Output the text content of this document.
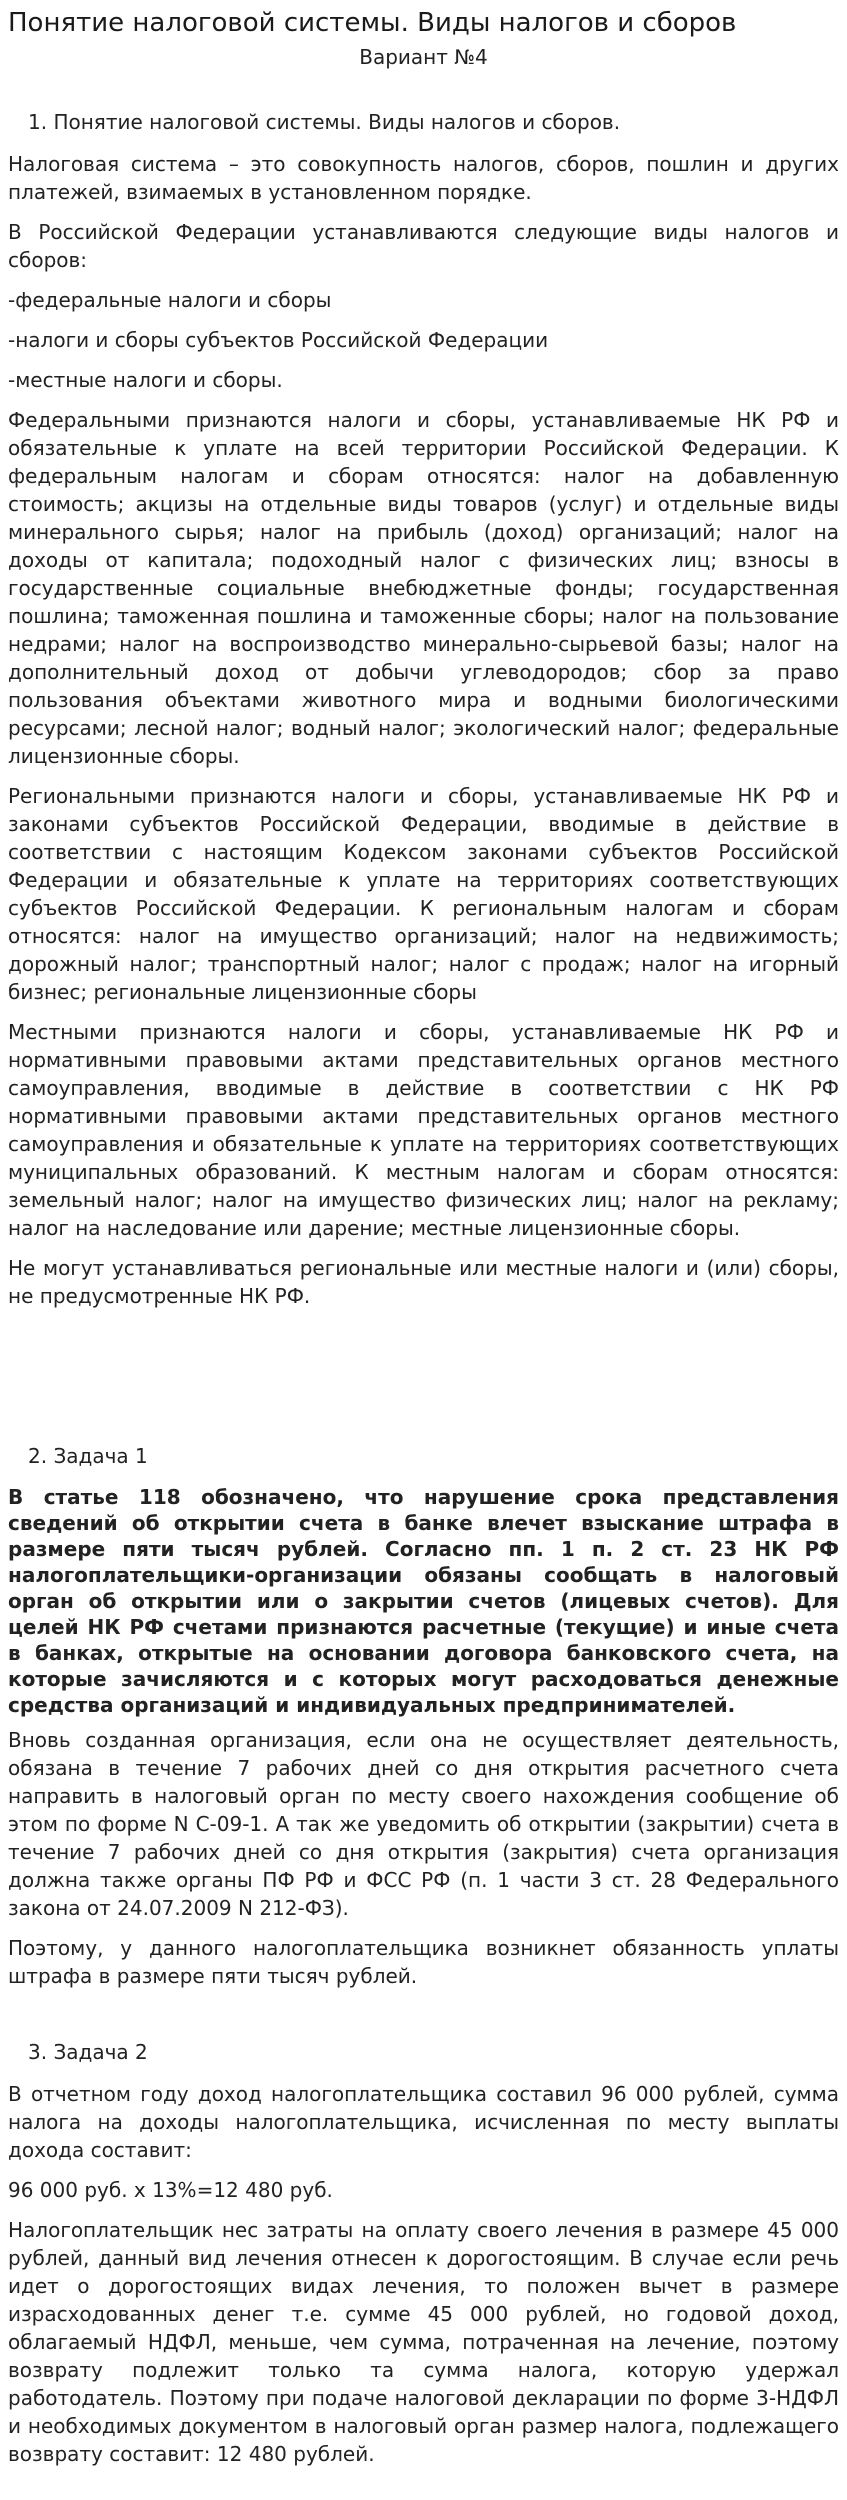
Понятие налоговой системы. Виды налогов и сборов
Вариант №4
1. Понятие налоговой системы. Виды налогов и сборов.

Налоговая система – это совокупность налогов, сборов, пошлин и других платежей, взимаемых в установленном порядке.

В Российской Федерации устанавливаются следующие виды налогов и сборов:

-федеральные налоги и сборы

-налоги и сборы субъектов Российской Федерации

-местные налоги и сборы.

Федеральными признаются налоги и сборы, устанавливаемые НК РФ и обязательные к уплате на всей территории Российской Федерации. К федеральным налогам и сборам относятся: налог на добавленную стоимость; акцизы на отдельные виды товаров (услуг) и отдельные виды минерального сырья; налог на прибыль (доход) организаций; налог на доходы от капитала; подоходный налог с физических лиц; взносы в государственные социальные внебюджетные фонды; государственная пошлина; таможенная пошлина и таможенные сборы; налог на пользование недрами; налог на воспроизводство минерально-сырьевой базы; налог на дополнительный доход от добычи углеводородов; сбор за право пользования объектами животного мира и водными биологическими ресурсами; лесной налог; водный налог; экологический налог; федеральные лицензионные сборы.

Региональными признаются налоги и сборы, устанавливаемые НК РФ и законами субъектов Российской Федерации, вводимые в действие в соответствии с настоящим Кодексом законами субъектов Российской Федерации и обязательные к уплате на территориях соответствующих субъектов Российской Федерации. К региональным налогам и сборам относятся: налог на имущество организаций; налог на недвижимость; дорожный налог; транспортный налог; налог с продаж; налог на игорный бизнес; региональные лицензионные сборы

Местными признаются налоги и сборы, устанавливаемые НК РФ и нормативными правовыми актами представительных органов местного самоуправления, вводимые в действие в соответствии с НК РФ нормативными правовыми актами представительных органов местного самоуправления и обязательные к уплате на территориях соответствующих муниципальных образований. К местным налогам и сборам относятся: земельный налог; налог на имущество физических лиц; налог на рекламу; налог на наследование или дарение; местные лицензионные сборы.

Не могут устанавливаться региональные или местные налоги и (или) сборы, не предусмотренные НК РФ.

2. Задача 1

В статье 118 обозначено, что нарушение срока представления сведений об открытии счета в банке влечет взыскание штрафа в размере пяти тысяч рублей. Согласно пп. 1 п. 2 ст. 23 НК РФ налогоплательщики-организации обязаны сообщать в налоговый орган об открытии или о закрытии счетов (лицевых счетов). Для целей НК РФ счетами признаются расчетные (текущие) и иные счета в банках, открытые на основании договора банковского счета, на которые зачисляются и с которых могут расходоваться денежные средства организаций и индивидуальных предпринимателей.

Вновь созданная организация, если она не осуществляет деятельность, обязана в течение 7 рабочих дней со дня открытия расчетного счета направить в налоговый орган по месту своего нахождения сообщение об этом по форме N С-09-1. А так же уведомить об открытии (закрытии) счета в течение 7 рабочих дней со дня открытия (закрытия) счета организация должна также органы ПФ РФ и ФСС РФ (п. 1 части 3 ст. 28 Федерального закона от 24.07.2009 N 212-ФЗ).

Поэтому, у данного налогоплательщика возникнет обязанность уплаты штрафа в размере пяти тысяч рублей.

3. Задача 2

В отчетном году доход налогоплательщика составил 96 000 рублей, сумма налога на доходы налогоплательщика, исчисленная по месту выплаты дохода составит:

96 000 руб. х 13%=12 480 руб.

Налогоплательщик нес затраты на оплату своего лечения в размере 45 000 рублей, данный вид лечения отнесен к дорогостоящим. В случае если речь идет о дорогостоящих видах лечения, то положен вычет в размере израсходованных денег т.е. сумме 45 000 рублей, но годовой доход, облагаемый НДФЛ, меньше, чем сумма, потраченная на лечение, поэтому возврату подлежит только та сумма налога, которую удержал работодатель. Поэтому при подаче налоговой декларации по форме 3-НДФЛ и необходимых документом в налоговый орган размер налога, подлежащего возврату составит: 12 480 рублей.
